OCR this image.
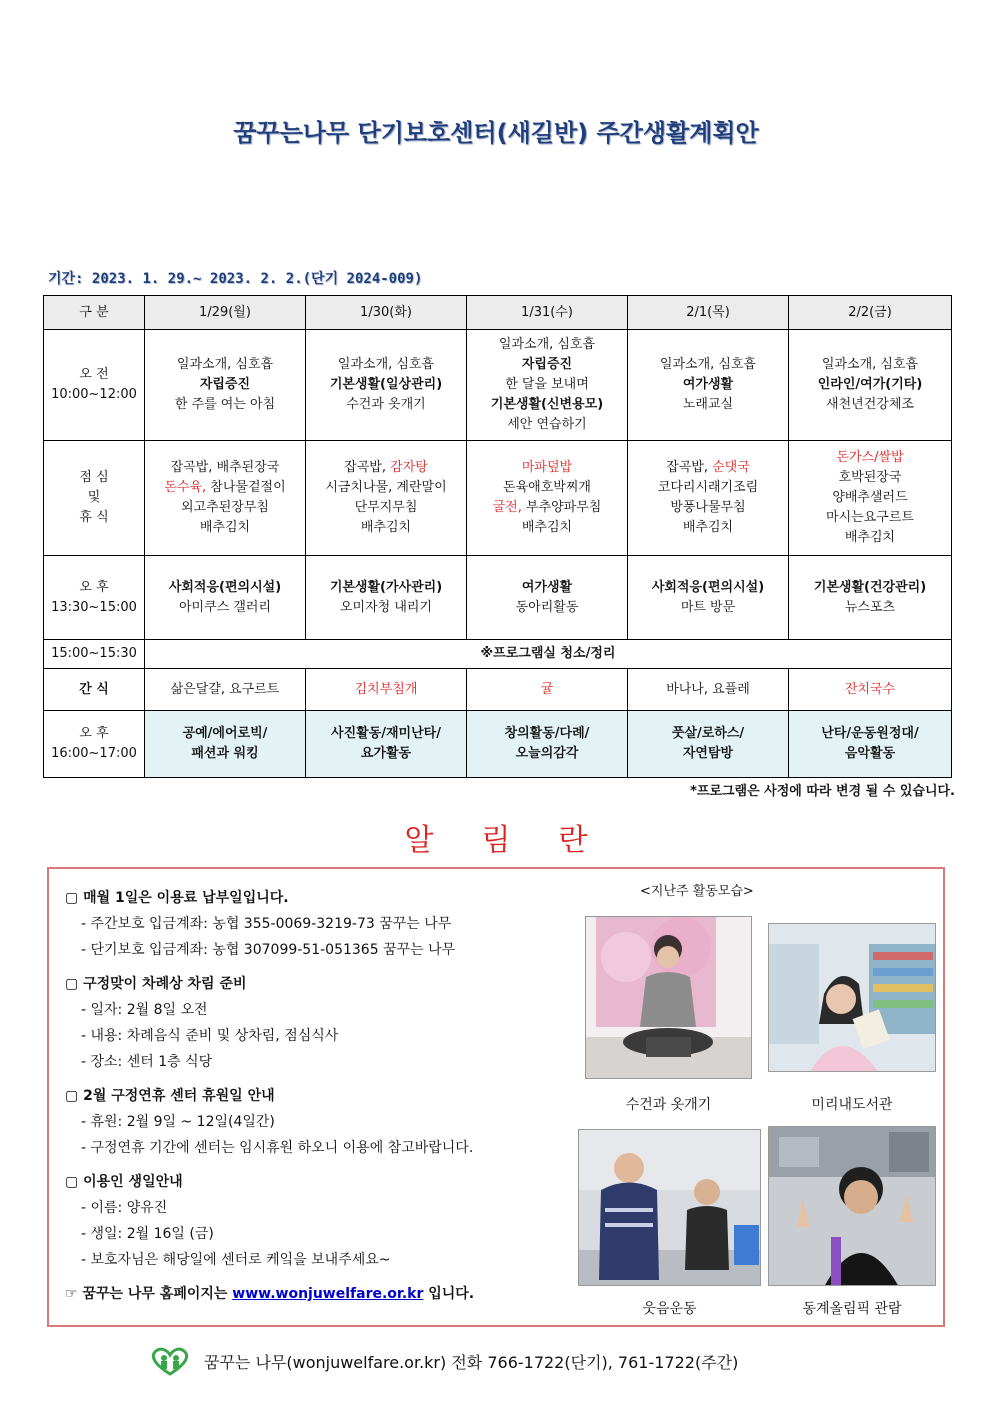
꿈꾸는나무 단기보호센터(새길반) 주간생활계획안
기간: 2023. 1. 29.~ 2023. 2. 2.(단기 2024-009)
구 분	1/29(월)	1/30(화)	1/31(수)	2/1(목)	2/2(금)

오 전
10:00~12:00	일과소개, 심호흡
자립증진
한 주를 여는 아침	일과소개, 심호흡
기본생활(일상관리)
수건과 옷개기	일과소개, 심호흡
자립증진
한 달을 보내며
기본생활(신변용모)
세안 연습하기	일과소개, 심호흡
여가생활
노래교실	일과소개, 심호흡
인라인/여가(기타)
새천년건강체조

점 심
및
휴 식	잡곡밥, 배추된장국
돈수육, 참나물겉절이
외고추된장무침
배추김치	잡곡밥, 감자탕
시금치나물, 계란말이
단무지무침
배추김치	마파덮밥
돈육애호박찌개
굴전, 부추양파무침
배추김치	잡곡밥, 순댓국
코다리시래기조림
방풍나물무침
배추김치	돈가스/쌀밥
호박된장국
양배추샐러드
마시는요구르트
배추김치

오 후
13:30~15:00	사회적응(편의시설)
아미쿠스 갤러리	기본생활(가사관리)
오미자청 내리기	여가생활
동아리활동	사회적응(편의시설)
마트 방문	기본생활(건강관리)
뉴스포츠

15:00~15:30	※프로그램실 청소/정리				
간 식	삶은달걀, 요구르트	김치부침개	귤	바나나, 요플레	잔치국수

오 후
16:00~17:00	공예/에어로빅/
패션과 워킹	사진활동/재미난타/
요가활동	창의활동/다례/
오늘의감각	풋살/로하스/
자연탐방	난타/운동원정대/
음악활동
*프로그램은 사정에 따라 변경 될 수 있습니다.
알림란
▢ 매월 1일은 이용료 납부일입니다.
- 주간보호 입금계좌: 농협 355-0069-3219-73 꿈꾸는 나무
- 단기보호 입금계좌: 농협 307099-51-051365 꿈꾸는 나무
▢ 구정맞이 차례상 차림 준비
- 일자: 2월 8일 오전
- 내용: 차례음식 준비 및 상차림, 점심식사
- 장소: 센터 1층 식당
▢ 2월 구정연휴 센터 휴원일 안내
- 휴원: 2월 9일 ~ 12일(4일간)
- 구정연휴 기간에 센터는 임시휴원 하오니 이용에 참고바랍니다.
▢ 이용인 생일안내
- 이름: 양유진
- 생일: 2월 16일 (금)
- 보호자님은 해당일에 센터로 케잌을 보내주세요~
☞ 꿈꾸는 나무 홈페이지는 www.wonjuwelfare.or.kr 입니다.
<지난주 활동모습>
수건과 옷개기	미리내도서관
웃음운동	동계올림픽 관람
꿈꾸는 나무(wonjuwelfare.or.kr) 전화 766-1722(단기), 761-1722(주간)
